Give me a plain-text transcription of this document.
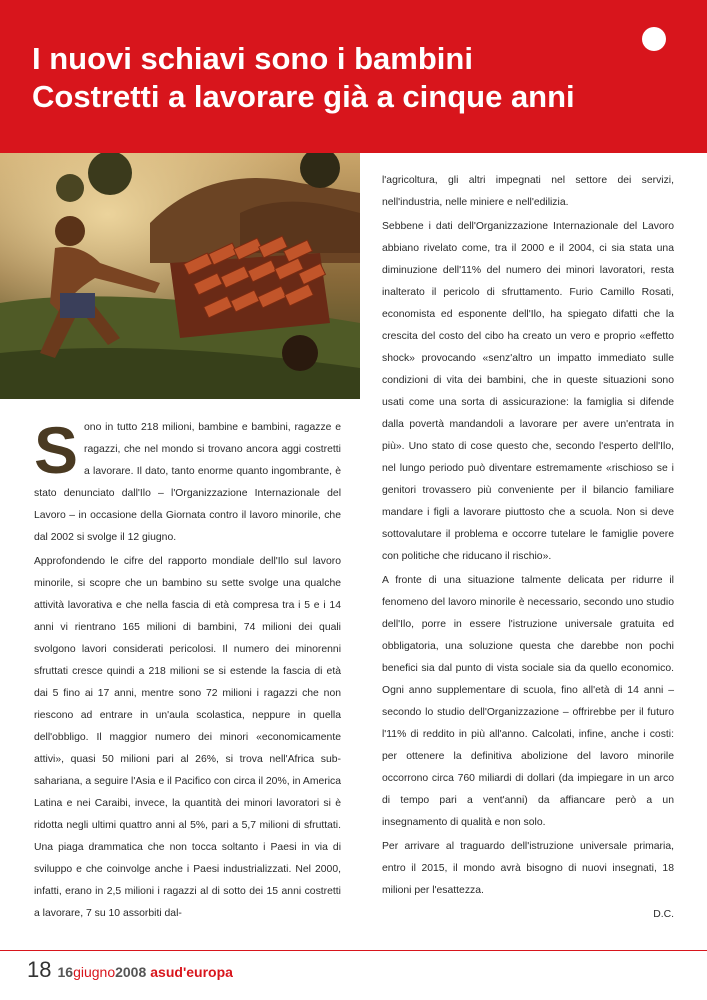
I nuovi schiavi sono i bambini
Costretti a lavorare già a cinque anni

Sono in tutto 218 milioni, bambine e bambini, ragazze e ragazzi, che nel mondo si trovano ancora aggi costretti a lavorare. Il dato, tanto enorme quanto ingombrante, è stato denunciato dall'Ilo – l'Organizzazione Internazionale del Lavoro – in occasione della Giornata contro il lavoro minorile, che dal 2002 si svolge il 12 giugno.

Approfondendo le cifre del rapporto mondiale dell'Ilo sul lavoro minorile, si scopre che un bambino su sette svolge una qualche attività lavorativa e che nella fascia di età compresa tra i 5 e i 14 anni vi rientrano 165 milioni di bambini, 74 milioni dei quali svolgono lavori considerati pericolosi. Il numero dei minorenni sfruttati cresce quindi a 218 milioni se si estende la fascia di età dai 5 fino ai 17 anni, mentre sono 72 milioni i ragazzi che non riescono ad entrare in un'aula scolastica, neppure in quella dell'obbligo. Il maggior numero dei minori «economicamente attivi», quasi 50 milioni pari al 26%, si trova nell'Africa sub-sahariana, a seguire l'Asia e il Pacifico con circa il 20%, in America Latina e nei Caraibi, invece, la quantità dei minori lavoratori si è ridotta negli ultimi quattro anni al 5%, pari a 5,7 milioni di sfruttati. Una piaga drammatica che non tocca soltanto i Paesi in via di sviluppo e che coinvolge anche i Paesi industrializzati. Nel 2000, infatti, erano in 2,5 milioni i ragazzi al di sotto dei 15 anni costretti a lavorare, 7 su 10 assorbiti dal-

l'agricoltura, gli altri impegnati nel settore dei servizi, nell'industria, nelle miniere e nell'edilizia.

Sebbene i dati dell'Organizzazione Internazionale del Lavoro abbiano rivelato come, tra il 2000 e il 2004, ci sia stata una diminuzione dell'11% del numero dei minori lavoratori, resta inalterato il pericolo di sfruttamento. Furio Camillo Rosati, economista ed esponente dell'Ilo, ha spiegato difatti che la crescita del costo del cibo ha creato un vero e proprio «effetto shock» provocando «senz'altro un impatto immediato sulle condizioni di vita dei bambini, che in queste situazioni sono usati come una sorta di assicurazione: la famiglia si difende dalla povertà mandandoli a lavorare per avere un'entrata in più». Uno stato di cose questo che, secondo l'esperto dell'Ilo, nel lungo periodo può diventare estremamente «rischioso se i genitori trovassero più conveniente per il bilancio familiare mandare i figli a lavorare piuttosto che a scuola. Non si deve sottovalutare il problema e occorre tutelare le famiglie povere con politiche che riducano il rischio».

A fronte di una situazione talmente delicata per ridurre il fenomeno del lavoro minorile è necessario, secondo uno studio dell'Ilo, porre in essere l'istruzione universale gratuita ed obbligatoria, una soluzione questa che darebbe non pochi benefici sia dal punto di vista sociale sia da quello economico. Ogni anno supplementare di scuola, fino all'età di 14 anni – secondo lo studio dell'Organizzazione – offrirebbe per il futuro l'11% di reddito in più all'anno. Calcolati, infine, anche i costi: per ottenere la definitiva abolizione del lavoro minorile occorrono circa 760 miliardi di dollari (da impiegare in un arco di tempo pari a vent'anni) da affiancare però a un insegnamento di qualità e non solo.

Per arrivare al traguardo dell'istruzione universale primaria, entro il 2015, il mondo avrà bisogno di nuovi insegnati, 18 milioni per l'esattezza.

D.C.

18 16giugno2008 asud'europa
